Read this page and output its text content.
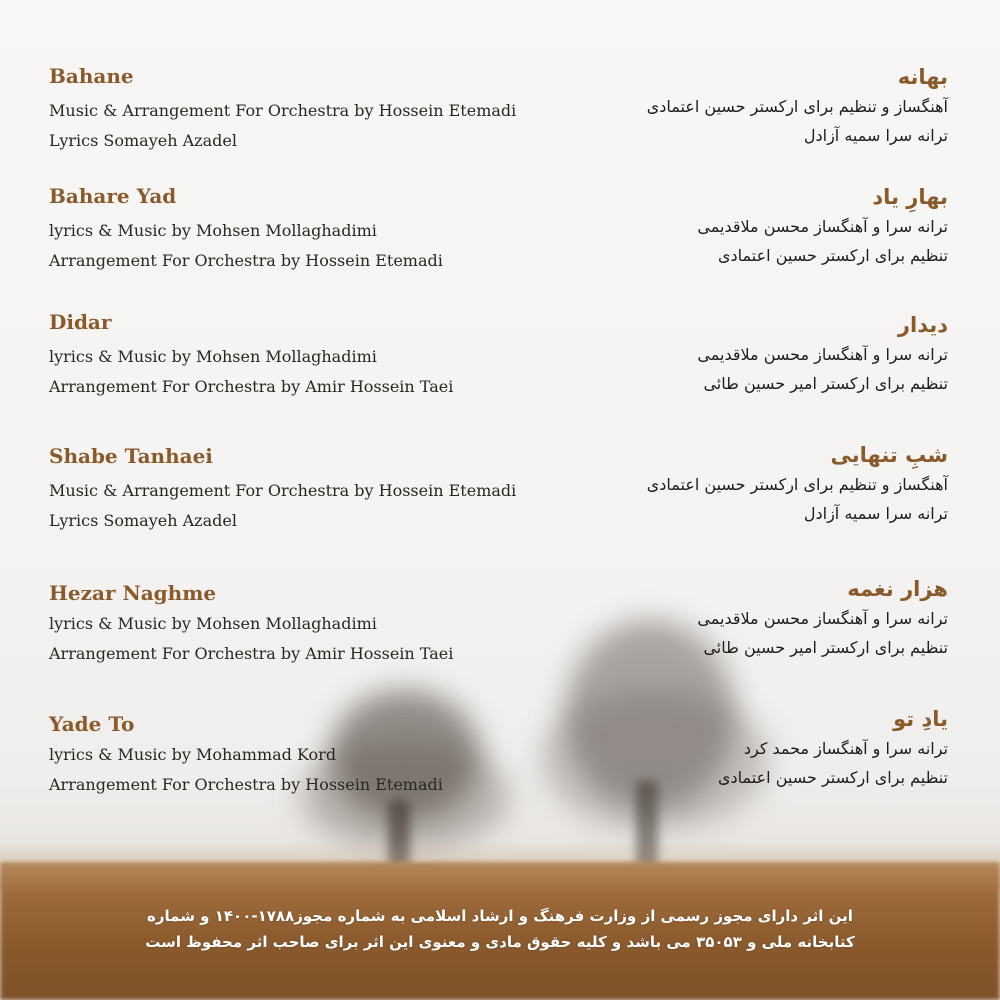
Bahane
Music & Arrangement For Orchestra by Hossein Etemadi
Lyrics Somayeh Azadel
بهانه
آهنگساز و تنظیم برای ارکستر حسین اعتمادی
ترانه سرا سمیه آزادل
Bahare Yad
lyrics & Music by Mohsen Mollaghadimi
Arrangement For Orchestra by Hossein Etemadi
بهارِ یاد
ترانه سرا و آهنگساز محسن ملاقدیمی
تنظیم برای ارکستر حسین اعتمادی
Didar
lyrics & Music by Mohsen Mollaghadimi
Arrangement For Orchestra by Amir Hossein Taei
دیدار
ترانه سرا و آهنگساز محسن ملاقدیمی
تنظیم برای ارکستر امیر حسین طائی
Shabe Tanhaei
Music & Arrangement For Orchestra by Hossein Etemadi
Lyrics Somayeh Azadel
شبِ تنهایی
آهنگساز و تنظیم برای ارکستر حسین اعتمادی
ترانه سرا سمیه آزادل
Hezar Naghme
lyrics & Music by Mohsen Mollaghadimi
Arrangement For Orchestra by Amir Hossein Taei
هزار نغمه
ترانه سرا و آهنگساز محسن ملاقدیمی
تنظیم برای ارکستر امیر حسین طائی
Yade To
lyrics & Music by Mohammad Kord
Arrangement For Orchestra by Hossein Etemadi
یادِ تو
ترانه سرا و آهنگساز محمد کرد
تنظیم برای ارکستر حسین اعتمادی
این اثر دارای مجوز رسمی از وزارت فرهنگ و ارشاد اسلامی به شماره مجوز۱۷۸۸-۱۴۰۰ و شماره
کتابخانه ملی و ۳۵۰۵۳ می باشد و کلیه حقوق مادی و معنوی این اثر برای صاحب اثر محفوظ است
